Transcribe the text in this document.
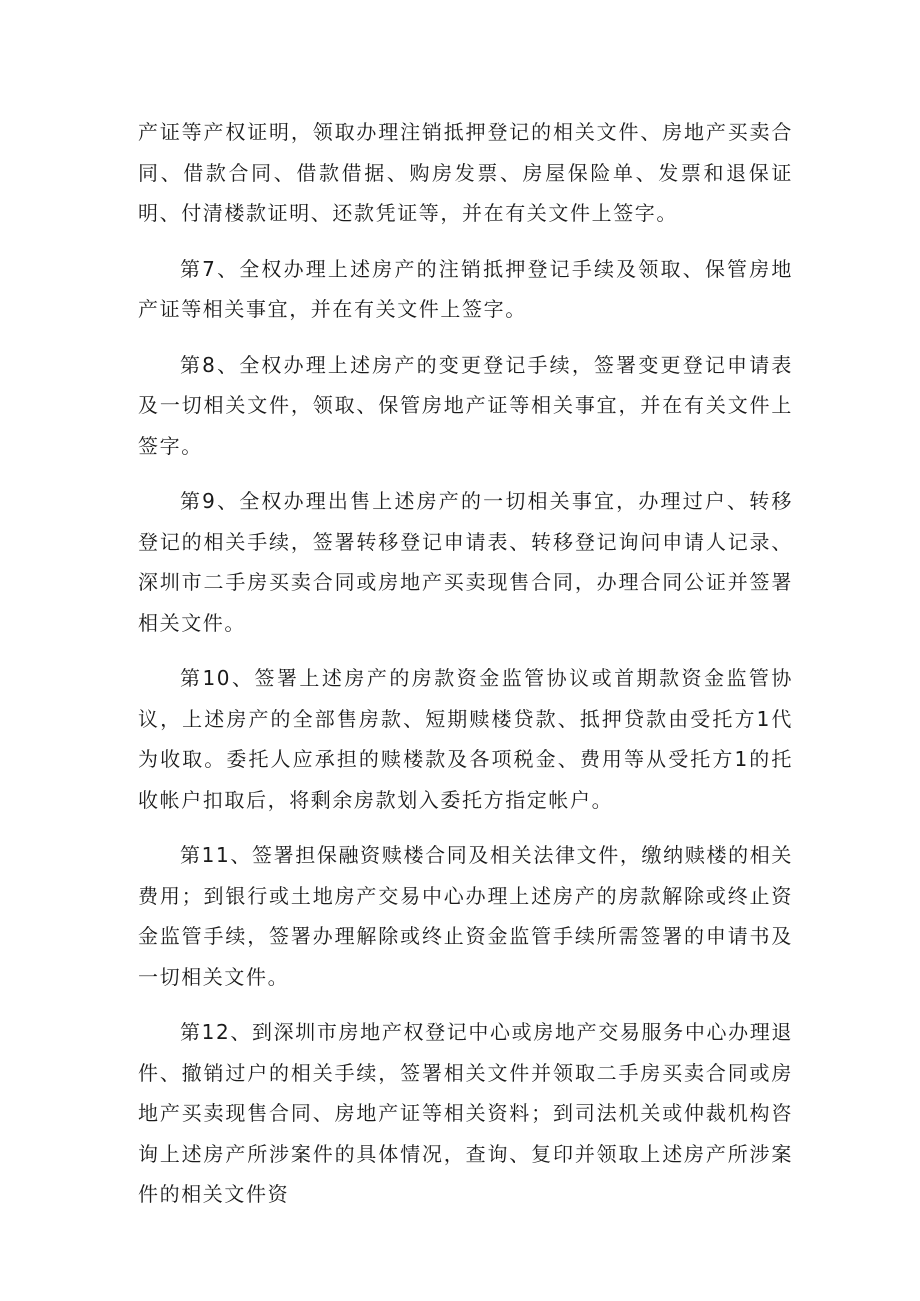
产证等产权证明，领取办理注销抵押登记的相关文件、房地产买卖合同、借款合同、借款借据、购房发票、房屋保险单、发票和退保证明、付清楼款证明、还款凭证等，并在有关文件上签字。

第7、全权办理上述房产的注销抵押登记手续及领取、保管房地产证等相关事宜，并在有关文件上签字。

第8、全权办理上述房产的变更登记手续，签署变更登记申请表及一切相关文件，领取、保管房地产证等相关事宜，并在有关文件上签字。

第9、全权办理出售上述房产的一切相关事宜，办理过户、转移登记的相关手续，签署转移登记申请表、转移登记询问申请人记录、深圳市二手房买卖合同或房地产买卖现售合同，办理合同公证并签署相关文件。

第10、签署上述房产的房款资金监管协议或首期款资金监管协议，上述房产的全部售房款、短期赎楼贷款、抵押贷款由受托方1代为收取。委托人应承担的赎楼款及各项税金、费用等从受托方1的托收帐户扣取后，将剩余房款划入委托方指定帐户。

第11、签署担保融资赎楼合同及相关法律文件，缴纳赎楼的相关费用；到银行或土地房产交易中心办理上述房产的房款解除或终止资金监管手续，签署办理解除或终止资金监管手续所需签署的申请书及一切相关文件。

第12、到深圳市房地产权登记中心或房地产交易服务中心办理退件、撤销过户的相关手续，签署相关文件并领取二手房买卖合同或房地产买卖现售合同、房地产证等相关资料；到司法机关或仲裁机构咨询上述房产所涉案件的具体情况，查询、复印并领取上述房产所涉案件的相关文件资
